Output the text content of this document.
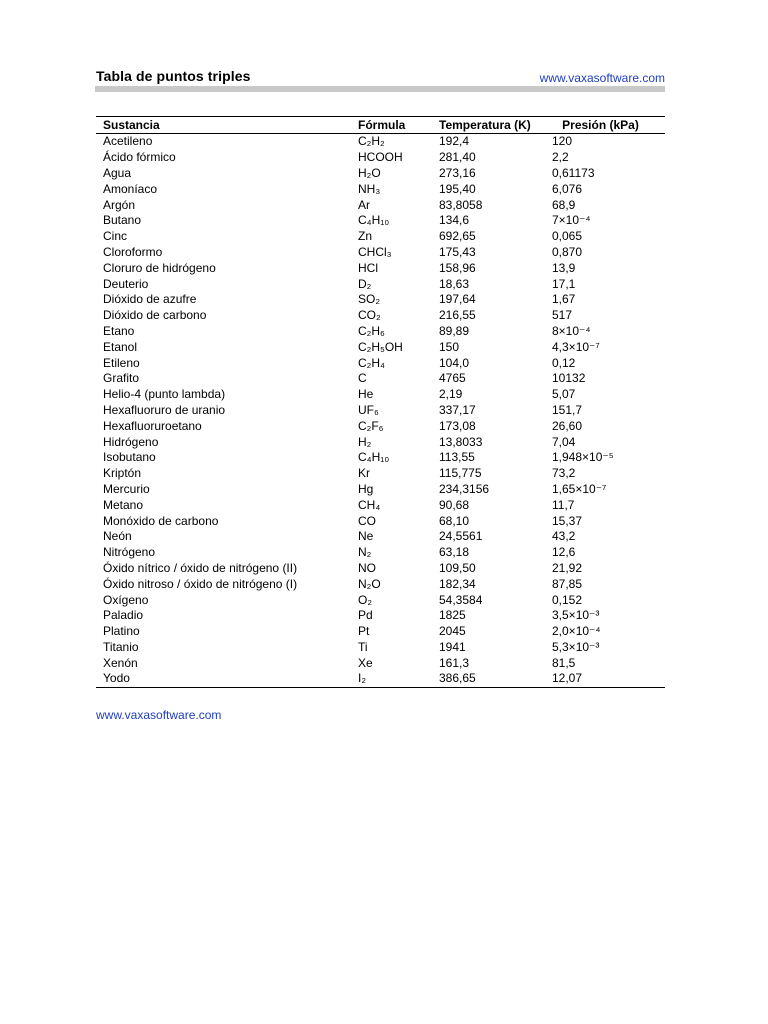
Tabla de puntos triples	www.vaxasoftware.com
Sustancia	Fórmula	Temperatura (K)	Presión (kPa)
Acetileno	C₂H₂	192,4	120
Ácido fórmico	HCOOH	281,40	2,2
Agua	H₂O	273,16	0,61173
Amoníaco	NH₃	195,40	6,076
Argón	Ar	83,8058	68,9
Butano	C₄H₁₀	134,6	7×10⁻⁴
Cinc	Zn	692,65	0,065
Cloroformo	CHCl₃	175,43	0,870
Cloruro de hidrógeno	HCl	158,96	13,9
Deuterio	D₂	18,63	17,1
Dióxido de azufre	SO₂	197,64	1,67
Dióxido de carbono	CO₂	216,55	517
Etano	C₂H₆	89,89	8×10⁻⁴
Etanol	C₂H₅OH	150	4,3×10⁻⁷
Etileno	C₂H₄	104,0	0,12
Grafito	C	4765	10132
Helio-4 (punto lambda)	He	2,19	5,07
Hexafluoruro de uranio	UF₆	337,17	151,7
Hexafluoruroetano	C₂F₆	173,08	26,60
Hidrógeno	H₂	13,8033	7,04
Isobutano	C₄H₁₀	113,55	1,948×10⁻⁵
Kriptón	Kr	115,775	73,2
Mercurio	Hg	234,3156	1,65×10⁻⁷
Metano	CH₄	90,68	11,7
Monóxido de carbono	CO	68,10	15,37
Neón	Ne	24,5561	43,2
Nitrógeno	N₂	63,18	12,6
Óxido nítrico / óxido de nitrógeno (II)	NO	109,50	21,92
Óxido nitroso / óxido de nitrógeno (I)	N₂O	182,34	87,85
Oxígeno	O₂	54,3584	0,152
Paladio	Pd	1825	3,5×10⁻³
Platino	Pt	2045	2,0×10⁻⁴
Titanio	Ti	1941	5,3×10⁻³
Xenón	Xe	161,3	81,5
Yodo	I₂	386,65	12,07
www.vaxasoftware.com
